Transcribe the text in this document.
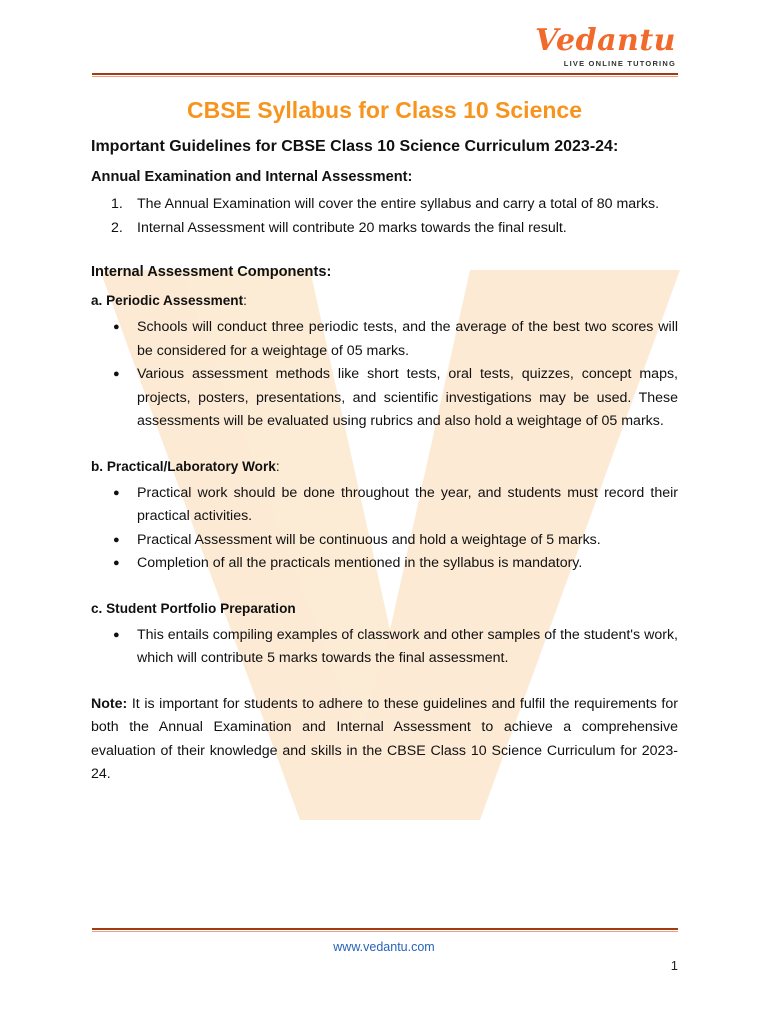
Vedantu
LIVE ONLINE TUTORING
CBSE Syllabus for Class 10 Science
Important Guidelines for CBSE Class 10 Science Curriculum 2023-24:
Annual Examination and Internal Assessment:
1. The Annual Examination will cover the entire syllabus and carry a total of 80 marks.
2. Internal Assessment will contribute 20 marks towards the final result.
Internal Assessment Components:

a. Periodic Assessment:

● Schools will conduct three periodic tests, and the average of the best two scores will be considered for a weightage of 05 marks.
● Various assessment methods like short tests, oral tests, quizzes, concept maps, projects, posters, presentations, and scientific investigations may be used. These assessments will be evaluated using rubrics and also hold a weightage of 05 marks.

b. Practical/Laboratory Work:

● Practical work should be done throughout the year, and students must record their practical activities.
● Practical Assessment will be continuous and hold a weightage of 5 marks.
● Completion of all the practicals mentioned in the syllabus is mandatory.

c. Student Portfolio Preparation

● This entails compiling examples of classwork and other samples of the student's work, which will contribute 5 marks towards the final assessment.

Note: It is important for students to adhere to these guidelines and fulfil the requirements for both the Annual Examination and Internal Assessment to achieve a comprehensive evaluation of their knowledge and skills in the CBSE Class 10 Science Curriculum for 2023-24.

www.vedantu.com
1
